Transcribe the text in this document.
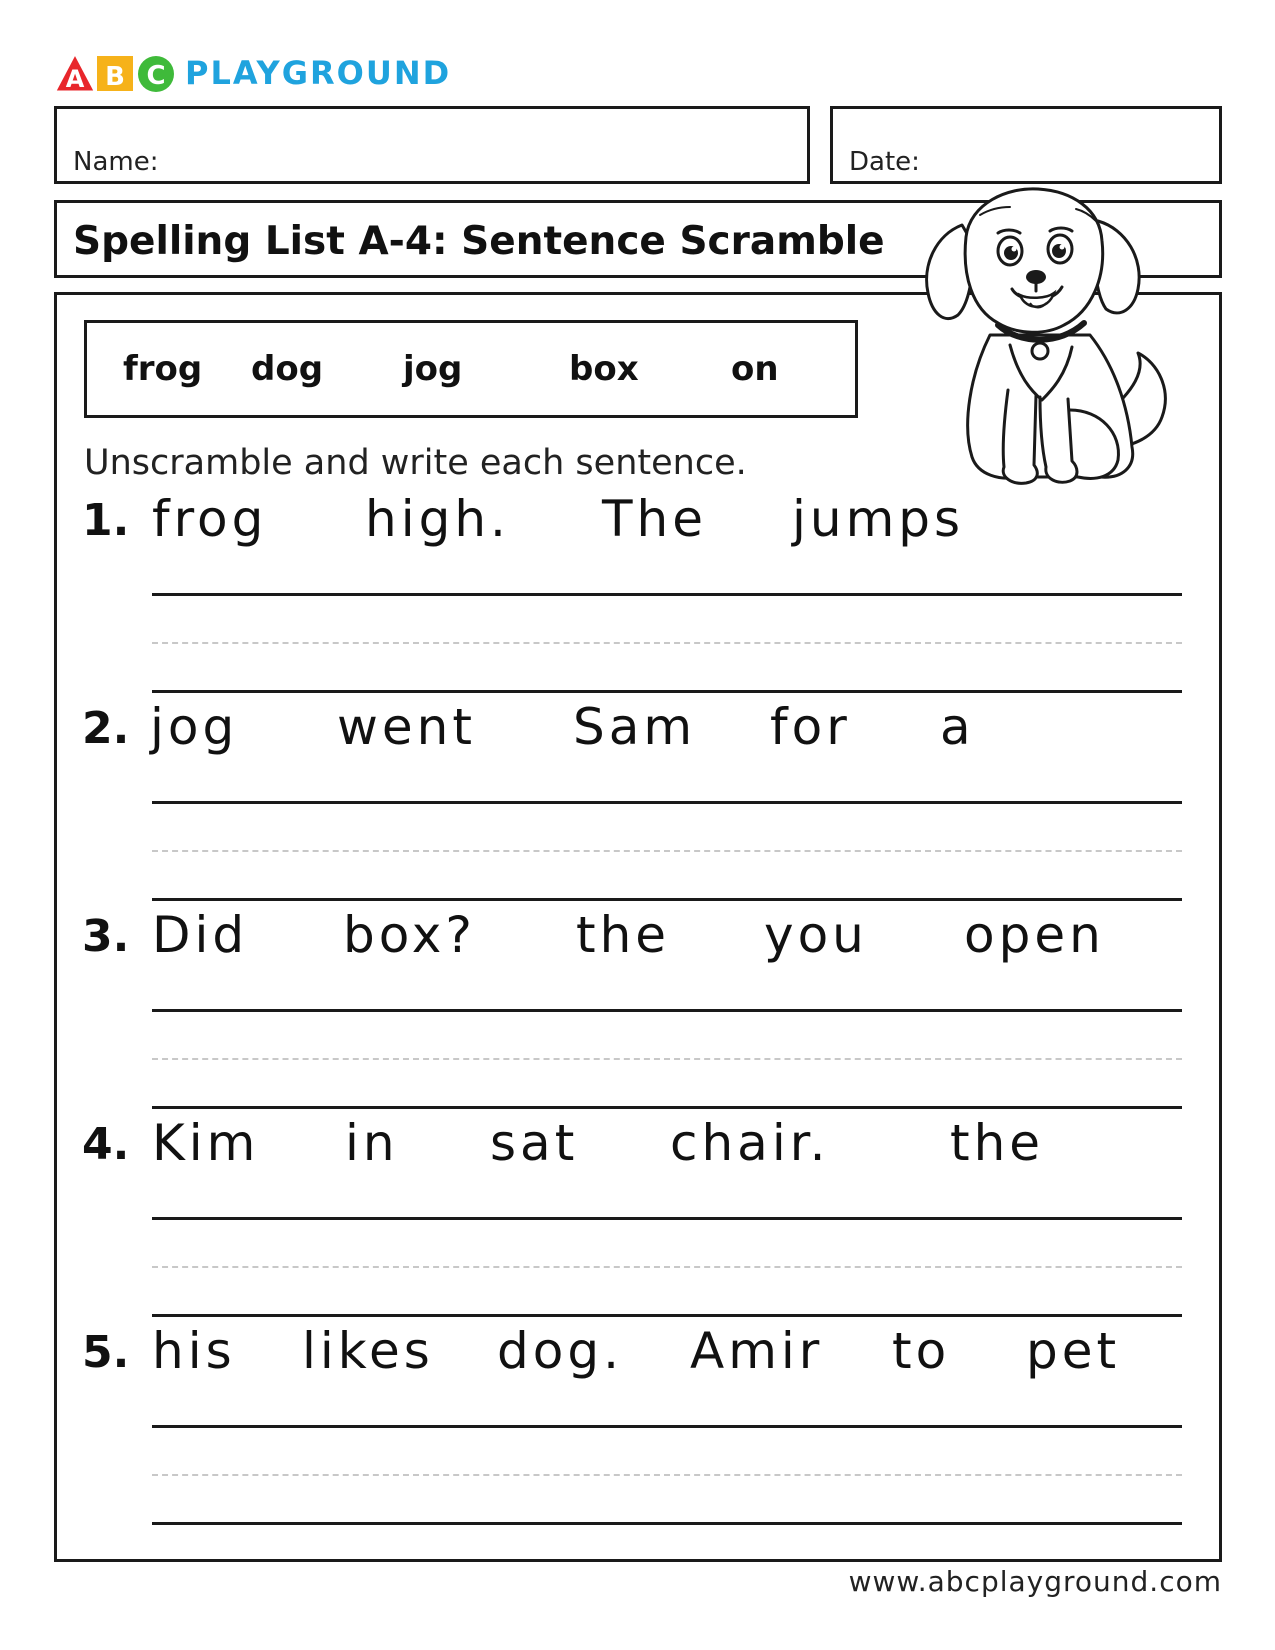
A B C PLAYGROUND
Name:	Date:
Spelling List A-4: Sentence Scramble
frog dog jog	box	on
Unscramble and write each sentence.
1. frog high. The jumps
2. jog went Sam for a
3. Did box? the you open
4. Kim in sat chair. the
5. his likes dog. Amir to pet
www.abcplayground.com
